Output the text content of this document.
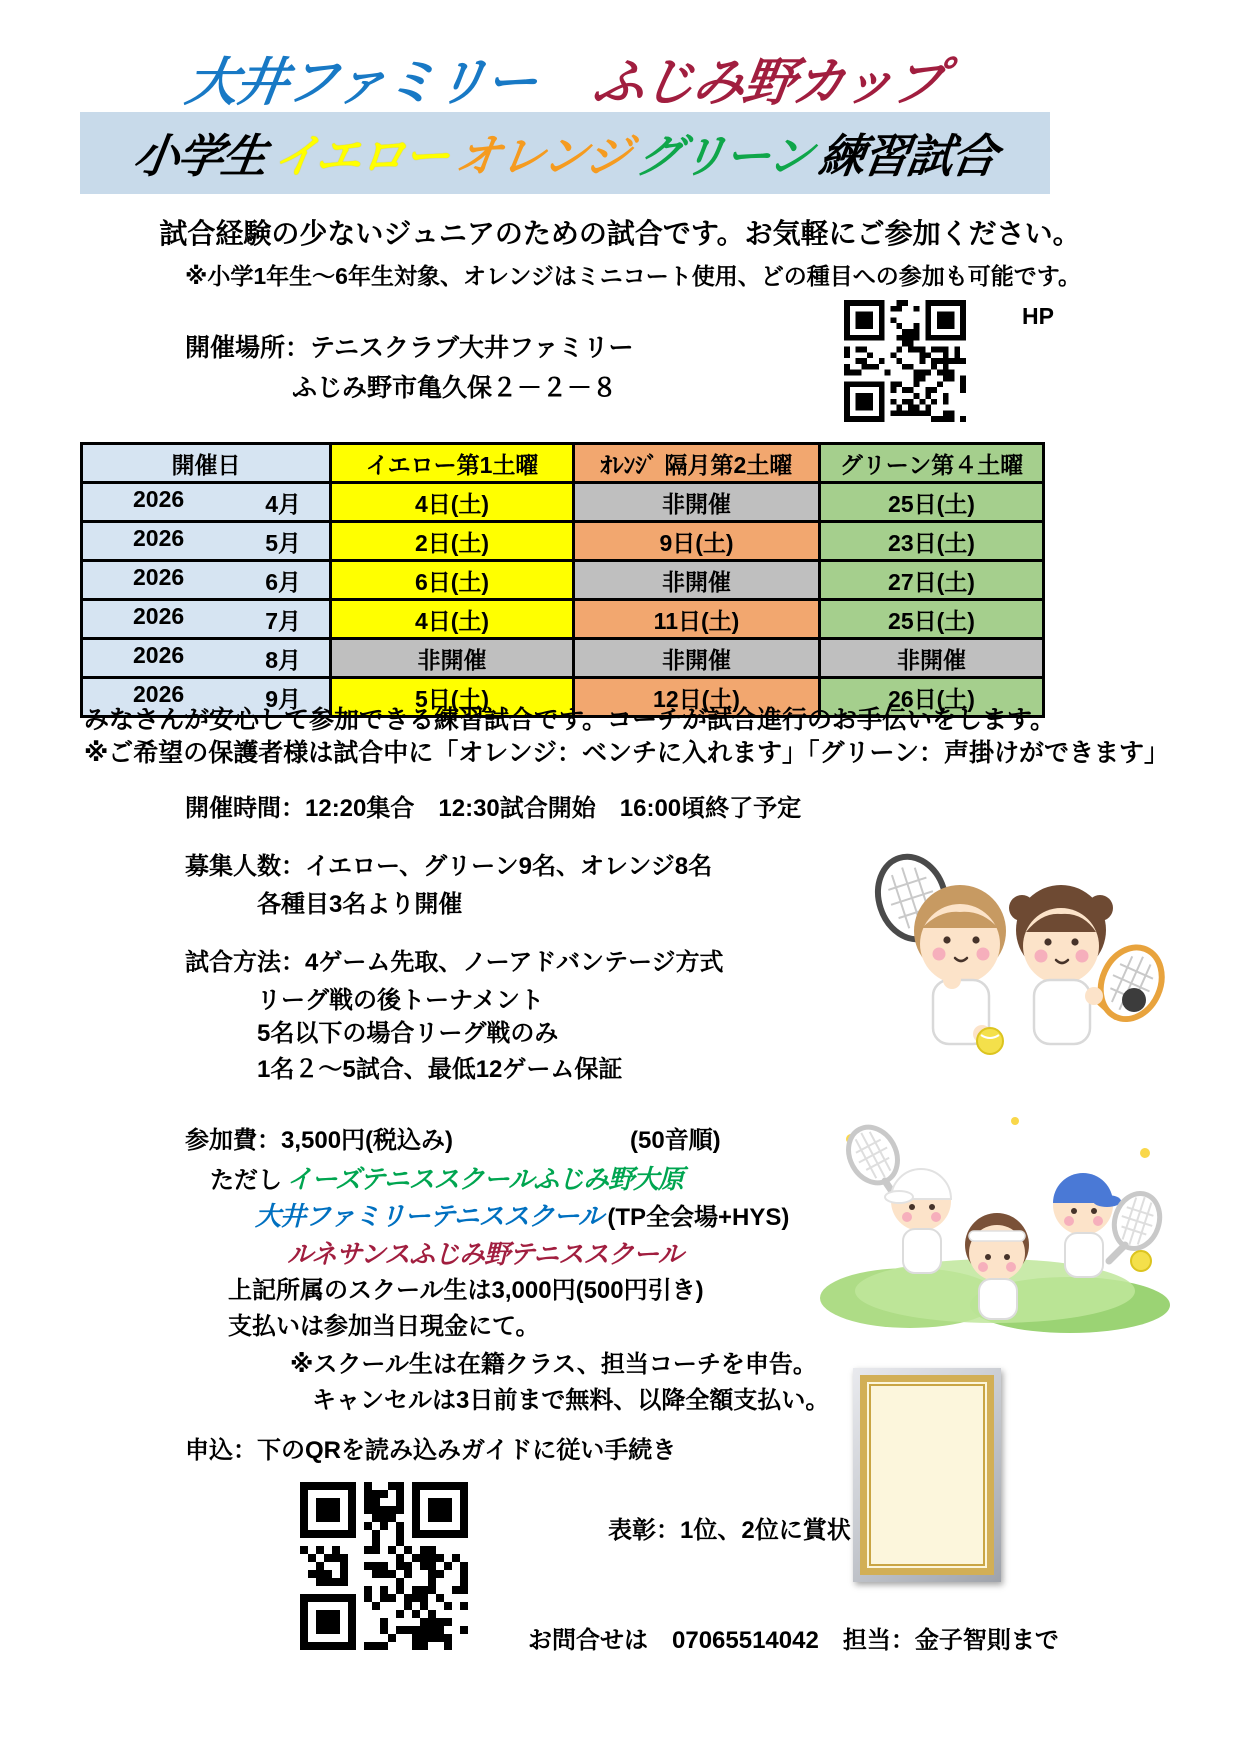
大井ファミリー ふじみ野カップ
小学生 イエロー オレンジ グリーン 練習試合
試合経験の少ないジュニアのための試合です。お気軽にご参加ください。
※小学1年生～6年生対象、オレンジはミニコート使用、どの種目への参加も可能です。
開催場所：テニスクラブ大井ファミリー
ふじみ野市亀久保２－２－８
HP
開催日	イエロー第1土曜	ｵﾚﾝｼﾞ 隔月第2土曜	グリーン第４土曜

2026 4月	4日(土)	非開催	25日(土)

2026 5月	2日(土)	9日(土)	23日(土)

2026 6月	6日(土)	非開催	27日(土)

2026 7月	4日(土)	11日(土)	25日(土)

2026 8月	非開催	非開催	非開催

2026 9月	5日(土)	12日(土)	26日(土)
みなさんが安心して参加できる練習試合です。コーチが試合進行のお手伝いをします。
※ご希望の保護者様は試合中に「オレンジ：ベンチに入れます」「グリーン：声掛けができます」
開催時間：12:20集合　12:30試合開始　16:00頃終了予定
募集人数：イエロー、グリーン9名、オレンジ8名
各種目3名より開催
試合方法：4ゲーム先取、ノーアドバンテージ方式
リーグ戦の後トーナメント
5名以下の場合リーグ戦のみ
1名２～5試合、最低12ゲーム保証
参加費：3,500円(税込み)	(50音順)
ただし イーズテニススクールふじみ野大原
大井ファミリーテニススクール (TP全会場+HYS)
ルネサンスふじみ野テニススクール
上記所属のスクール生は3,000円(500円引き)
支払いは参加当日現金にて。
※スクール生は在籍クラス、担当コーチを申告。
キャンセルは3日前まで無料、以降全額支払い。
申込：下のQRを読み込みガイドに従い手続き
表彰：1位、2位に賞状
お問合せは　07065514042　担当：金子智則まで
